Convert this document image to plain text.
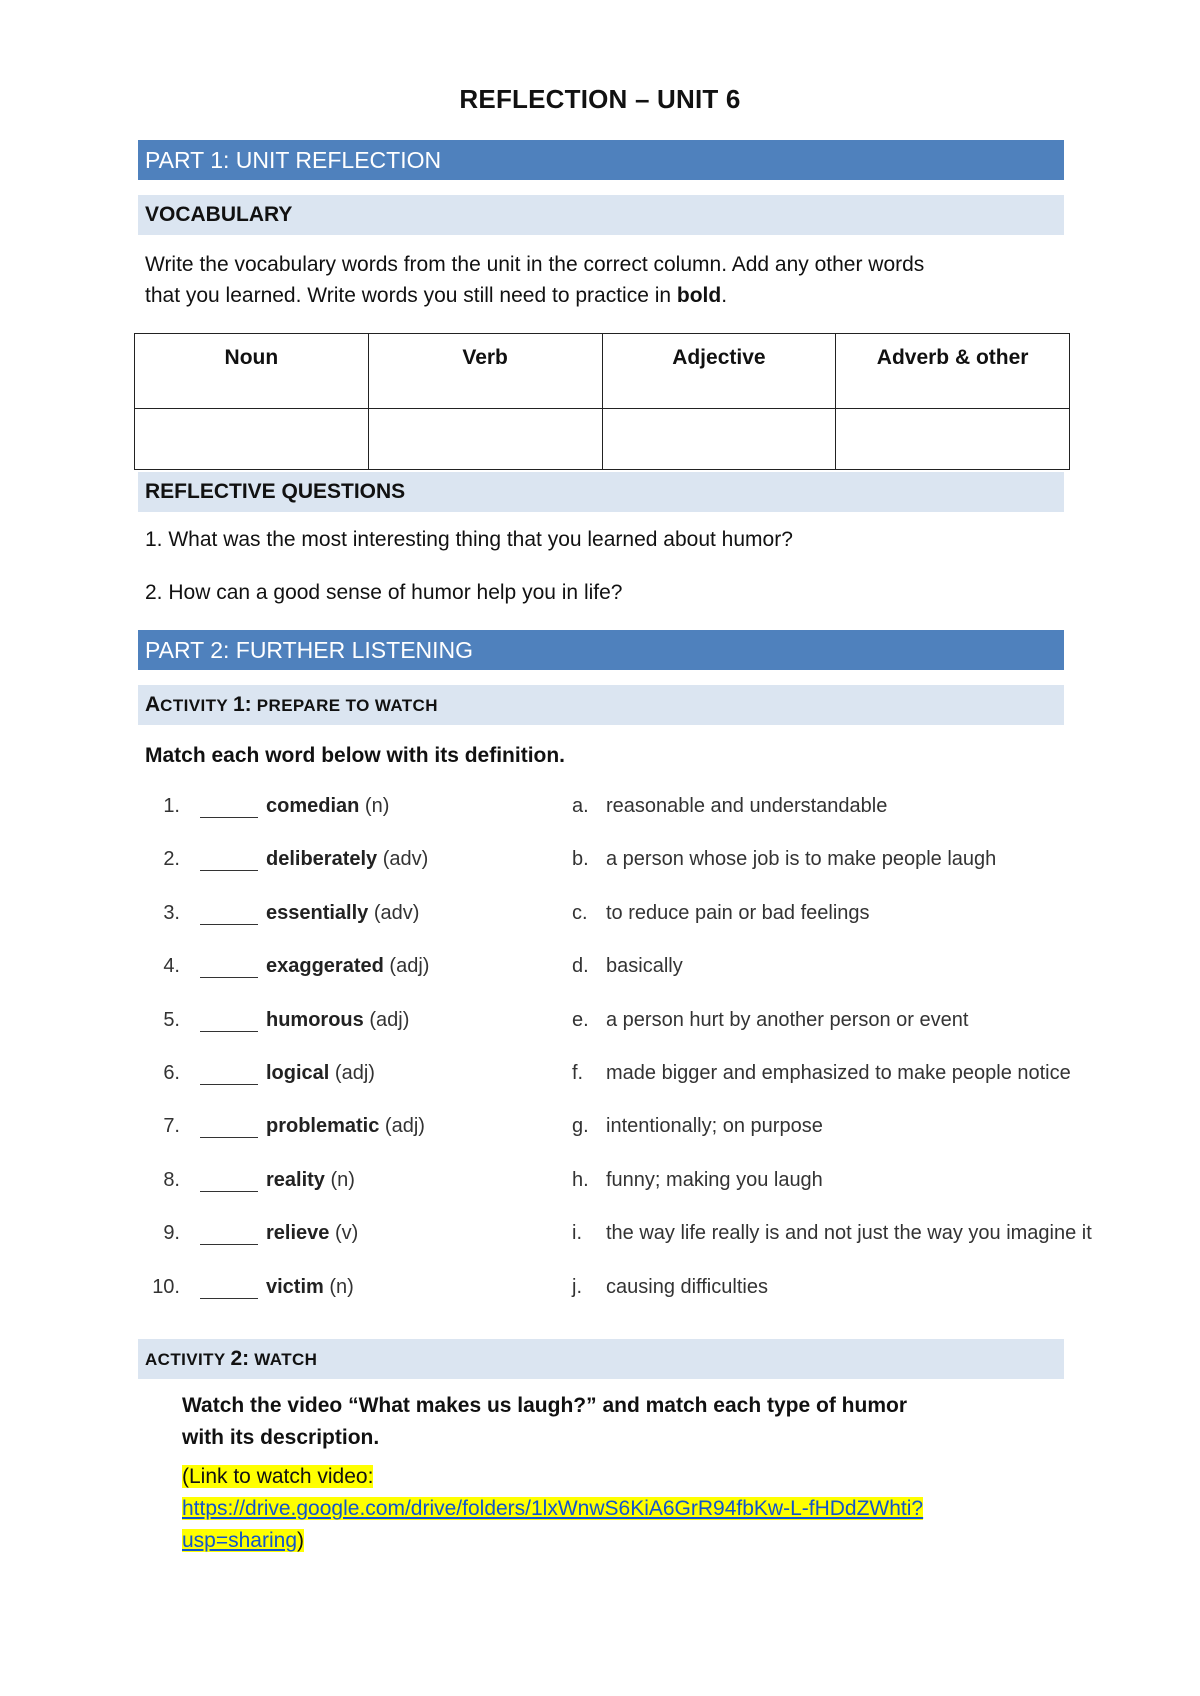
REFLECTION – UNIT 6
PART 1: UNIT REFLECTION
VOCABULARY
Write the vocabulary words from the unit in the correct column. Add any other words
that you learned. Write words you still need to practice in bold.
Noun	Verb	Adjective	Adverb & other

REFLECTIVE QUESTIONS
1. What was the most interesting thing that you learned about humor?
2. How can a good sense of humor help you in life?
PART 2: FURTHER LISTENING
ACTIVITY 1: PREPARE TO WATCH
Match each word below with its definition.
1.	comedian (n)	a. reasonable and understandable
2.	deliberately (adv)	b. a person whose job is to make people laugh
3.	essentially (adv)	c. to reduce pain or bad feelings
4.	exaggerated (adj)	d. basically
5.	humorous (adj)	e. a person hurt by another person or event
6.	logical (adj)	f.	made bigger and emphasized to make people notice
7.	problematic (adj)	g. intentionally; on purpose
8.	reality (n)	h. funny; making you laugh
9.	relieve (v)	i.	the way life really is and not just the way you imagine it
10.	victim (n)	j.	causing difficulties
ACTIVITY 2: WATCH
Watch the video “What makes us laugh?” and match each type of humor
with its description.
(Link to watch video:
https://drive.google.com/drive/folders/1lxWnwS6KiA6GrR94fbKw-L-fHDdZWhti?
usp=sharing)
